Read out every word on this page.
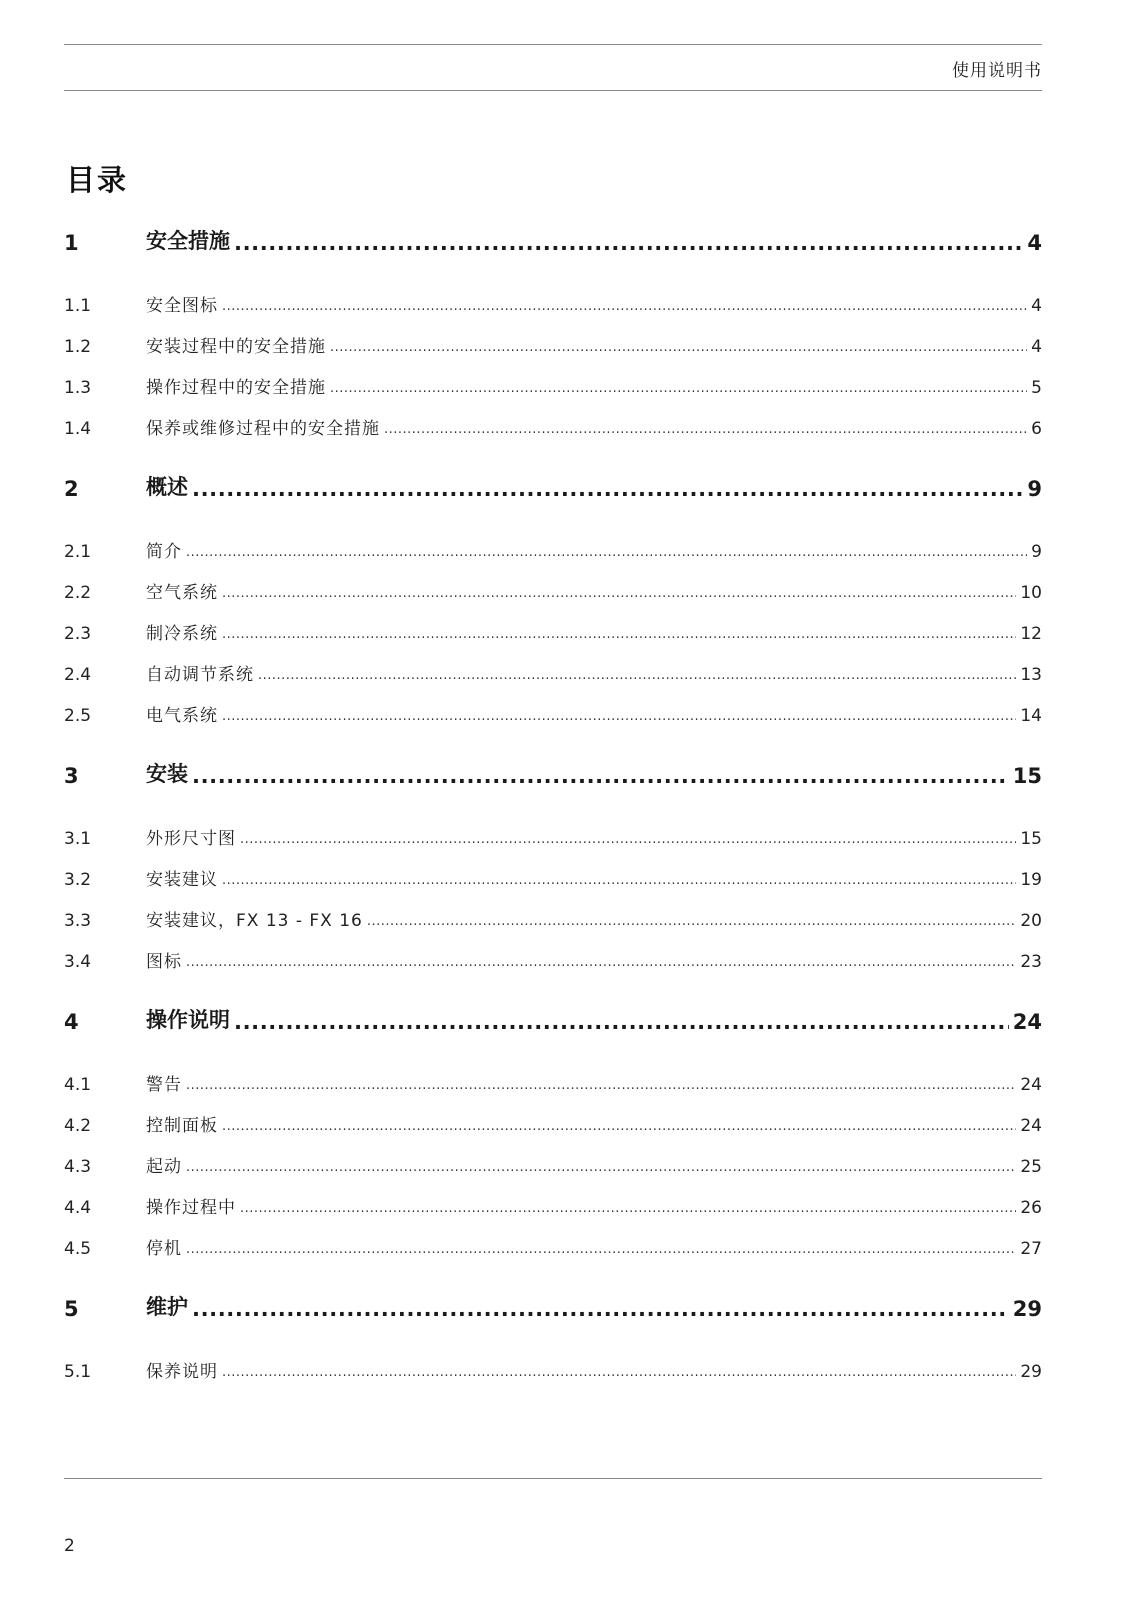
使用说明书
目录
1	安全措施 .....	4
1.1	安全图标 .....	4
1.2	安装过程中的安全措施 .....	4
1.3	操作过程中的安全措施 .....	5
1.4	保养或维修过程中的安全措施 .....	6
2	概述 .....	9
2.1	简介 .....	9
2.2	空气系统 .....	10
2.3	制冷系统 .....	12
2.4	自动调节系统 .....	13
2.5	电气系统 .....	14
3	安装 .....	15
3.1	外形尺寸图 .....	15
3.2	安装建议 .....	19
3.3	安装建议，FX 13 - FX 16 .....	20
3.4	图标 .....	23
4	操作说明 .....	24
4.1	警告 .....	24
4.2	控制面板 .....	24
4.3	起动 .....	25
4.4	操作过程中 .....	26
4.5	停机 .....	27
5	维护 .....	29
5.1	保养说明 .....	29
2
